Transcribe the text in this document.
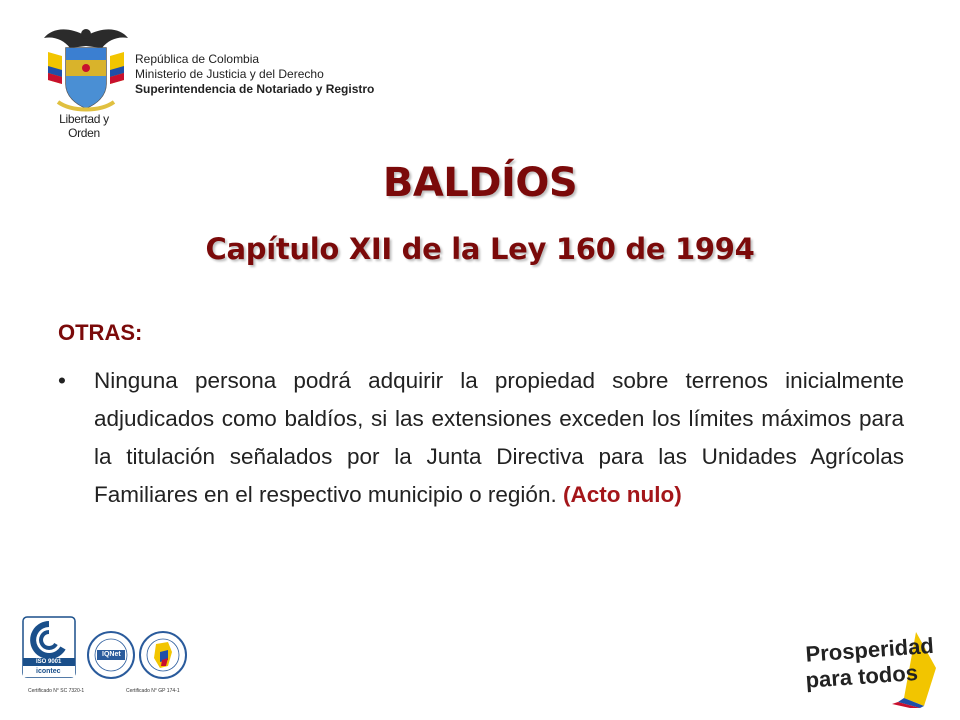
Libertad y Orden
República de Colombia
Ministerio de Justicia y del Derecho
Superintendencia de Notariado y Registro
BALDÍOS
Capítulo XII de la Ley 160 de 1994
OTRAS:
• Ninguna persona podrá adquirir la propiedad sobre terrenos inicialmente adjudicados como baldíos, si las extensiones exceden los límites máximos para la titulación señalados por la Junta Directiva para las Unidades Agrícolas Familiares en el respectivo municipio o región. (Acto nulo)
ISO 9001
icontec
IQNet
Certificado N° SC 7320-1	Certificado N° GP 174-1
Prosperidad
para todos
